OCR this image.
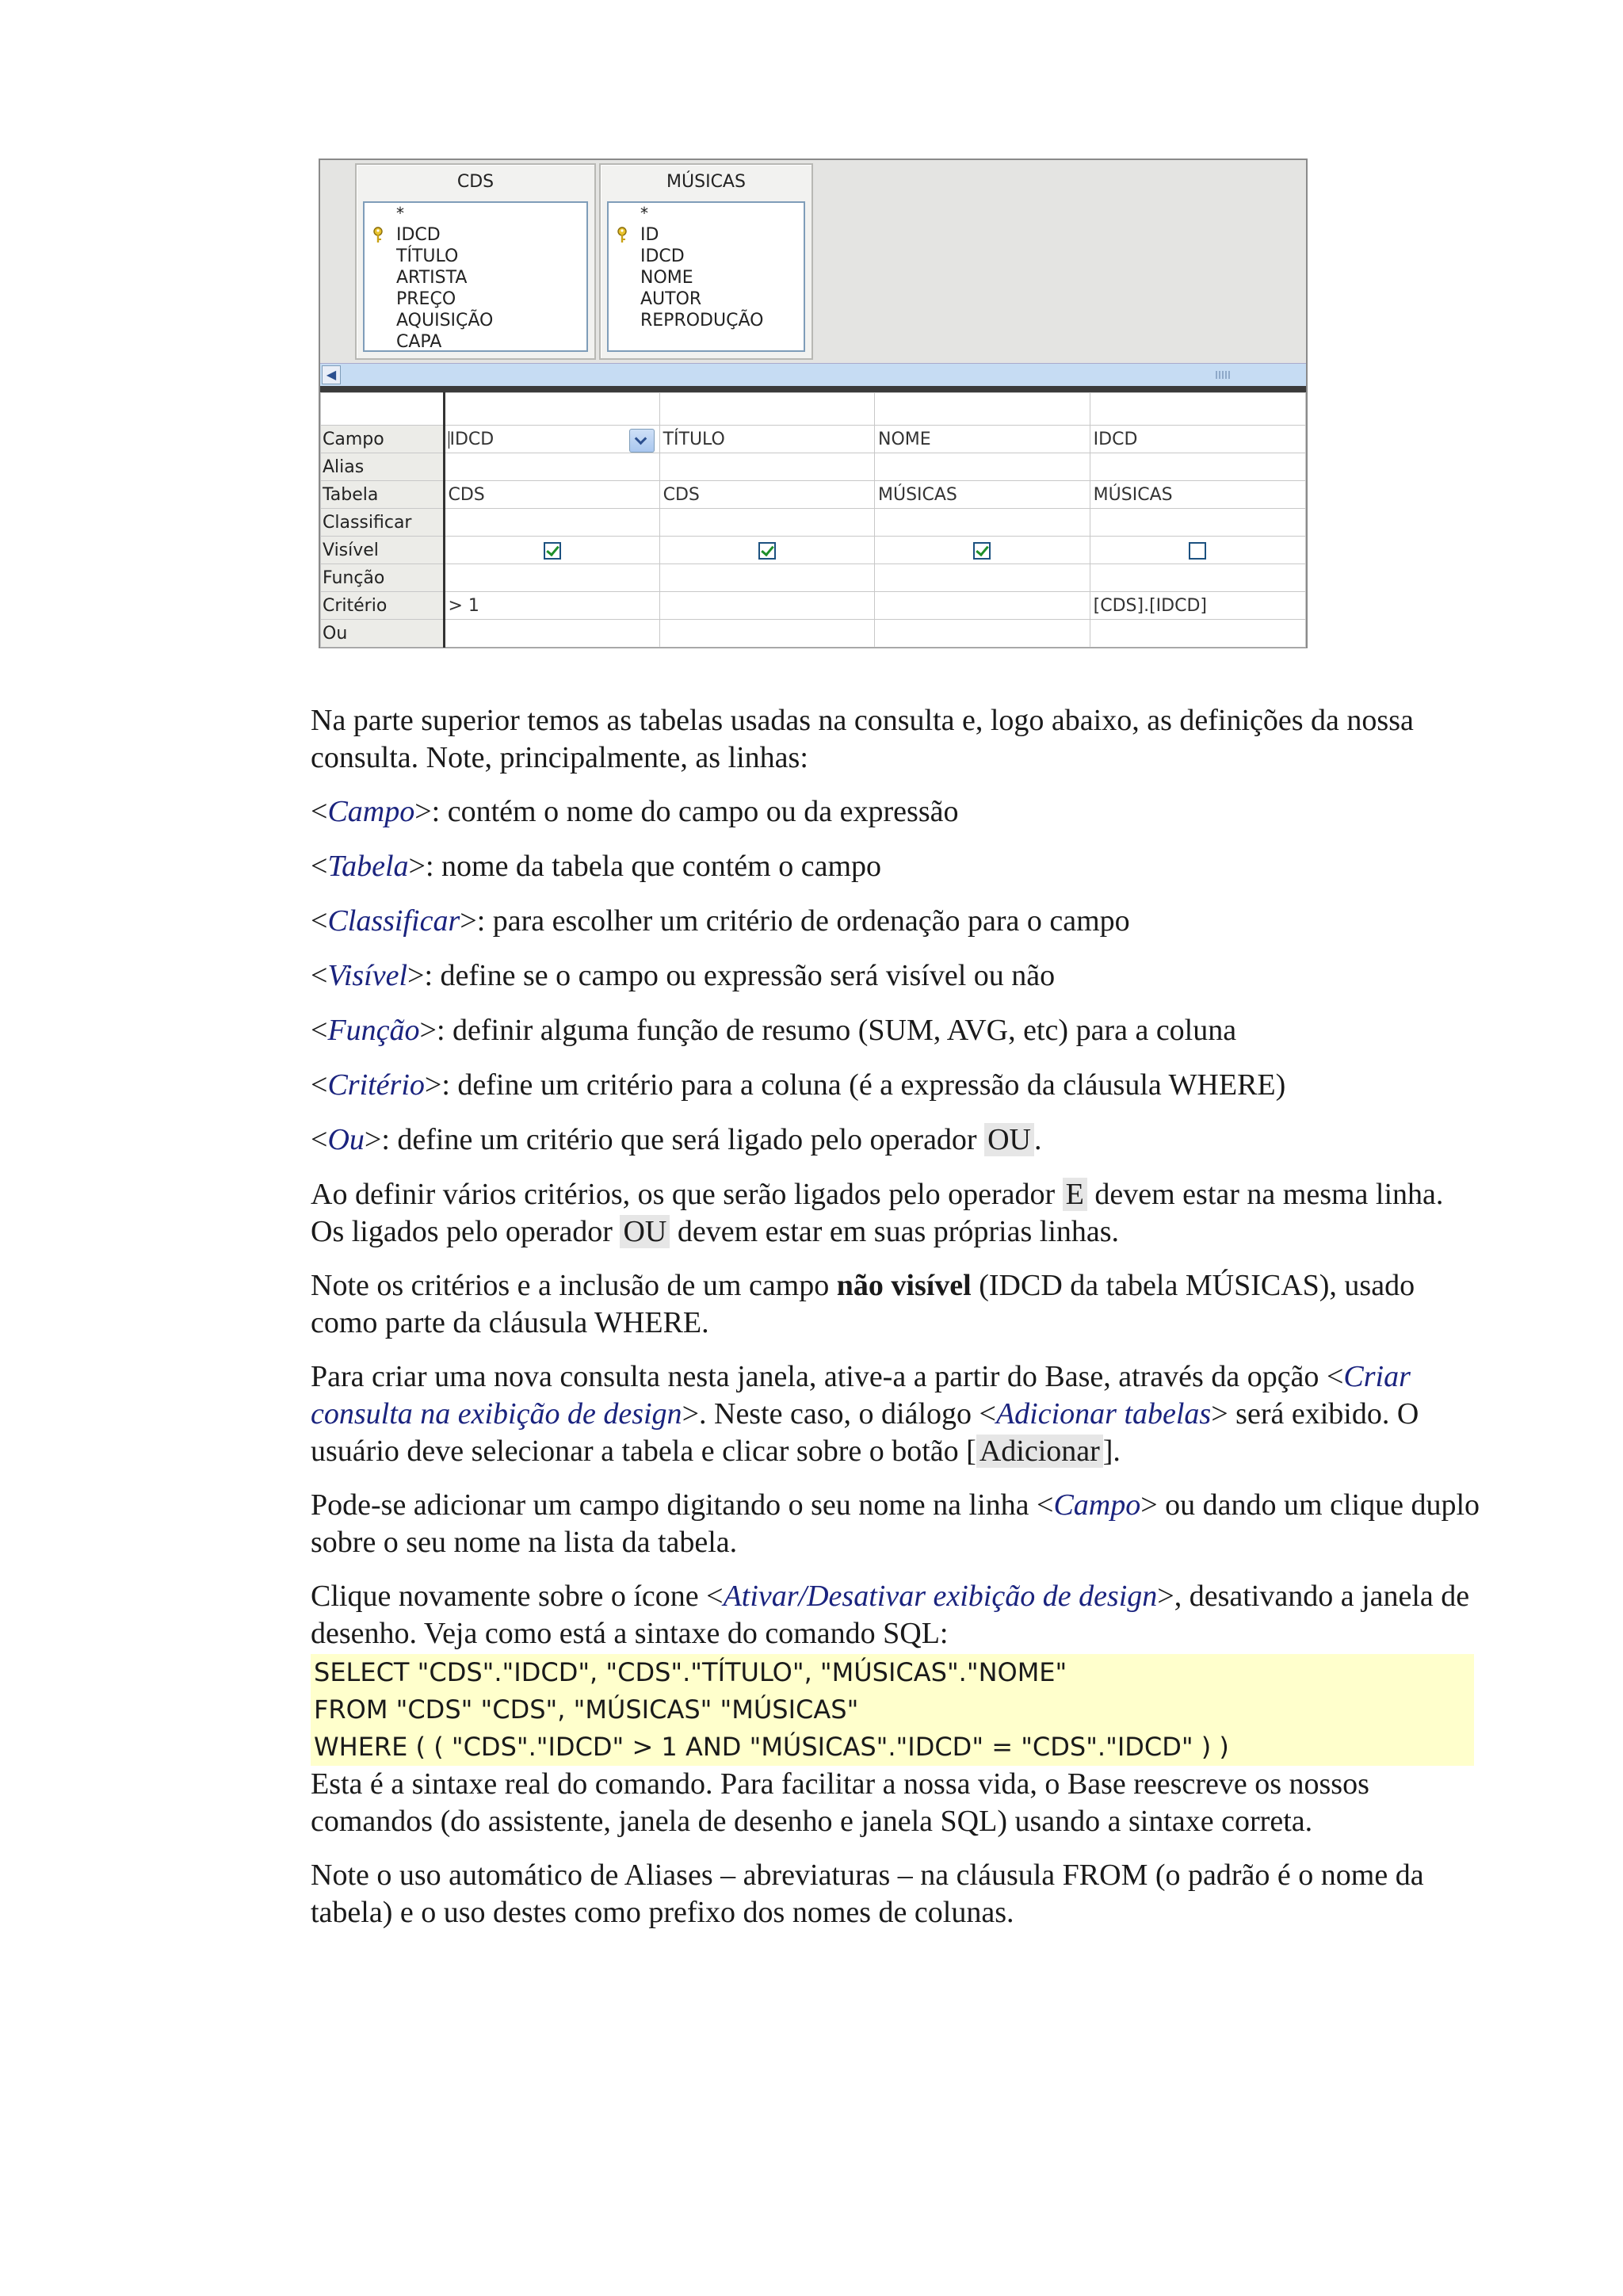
CDS
*
IDCD
TÍTULO
ARTISTA
PREÇO
AQUISIÇÃO
CAPA
MÚSICAS
*
ID
IDCD
NOME
AUTOR
REPRODUÇÃO
◀

Campo	IDCD	TÍTULO	NOME	IDCD
Alias				
Tabela	CDS	CDS	MÚSICAS	MÚSICAS
Classificar				
Visível				
Função				
Critério	> 1			[CDS].[IDCD]
Ou				

Na parte superior temos as tabelas usadas na consulta e, logo abaixo, as definições da nossa consulta. Note, principalmente, as linhas:

<Campo>: contém o nome do campo ou da expressão

<Tabela>: nome da tabela que contém o campo

<Classificar>: para escolher um critério de ordenação para o campo

<Visível>: define se o campo ou expressão será visível ou não

<Função>: definir alguma função de resumo (SUM, AVG, etc) para a coluna

<Critério>: define um critério para a coluna (é a expressão da cláusula WHERE)

<Ou>: define um critério que será ligado pelo operador OU .

Ao definir vários critérios, os que serão ligados pelo operador E devem estar na mesma linha. Os ligados pelo operador OU devem estar em suas próprias linhas.

Note os critérios e a inclusão de um campo não visível (IDCD da tabela MÚSICAS), usado como parte da cláusula WHERE.

Para criar uma nova consulta nesta janela, ative-a a partir do Base, através da opção <Criar consulta na exibição de design>. Neste caso, o diálogo <Adicionar tabelas> será exibido. O usuário deve selecionar a tabela e clicar sobre o botão [ Adicionar ].

Pode-se adicionar um campo digitando o seu nome na linha <Campo> ou dando um clique duplo sobre o seu nome na lista da tabela.

Clique novamente sobre o ícone <Ativar/Desativar exibição de design>, desativando a janela de desenho. Veja como está a sintaxe do comando SQL:

SELECT "CDS"."IDCD", "CDS"."TÍTULO", "MÚSICAS"."NOME"
FROM "CDS" "CDS", "MÚSICAS" "MÚSICAS"
WHERE ( ( "CDS"."IDCD" > 1 AND "MÚSICAS"."IDCD" = "CDS"."IDCD" ) )

Esta é a sintaxe real do comando. Para facilitar a nossa vida, o Base reescreve os nossos comandos (do assistente, janela de desenho e janela SQL) usando a sintaxe correta.

Note o uso automático de Aliases – abreviaturas – na cláusula FROM (o padrão é o nome da tabela) e o uso destes como prefixo dos nomes de colunas.
